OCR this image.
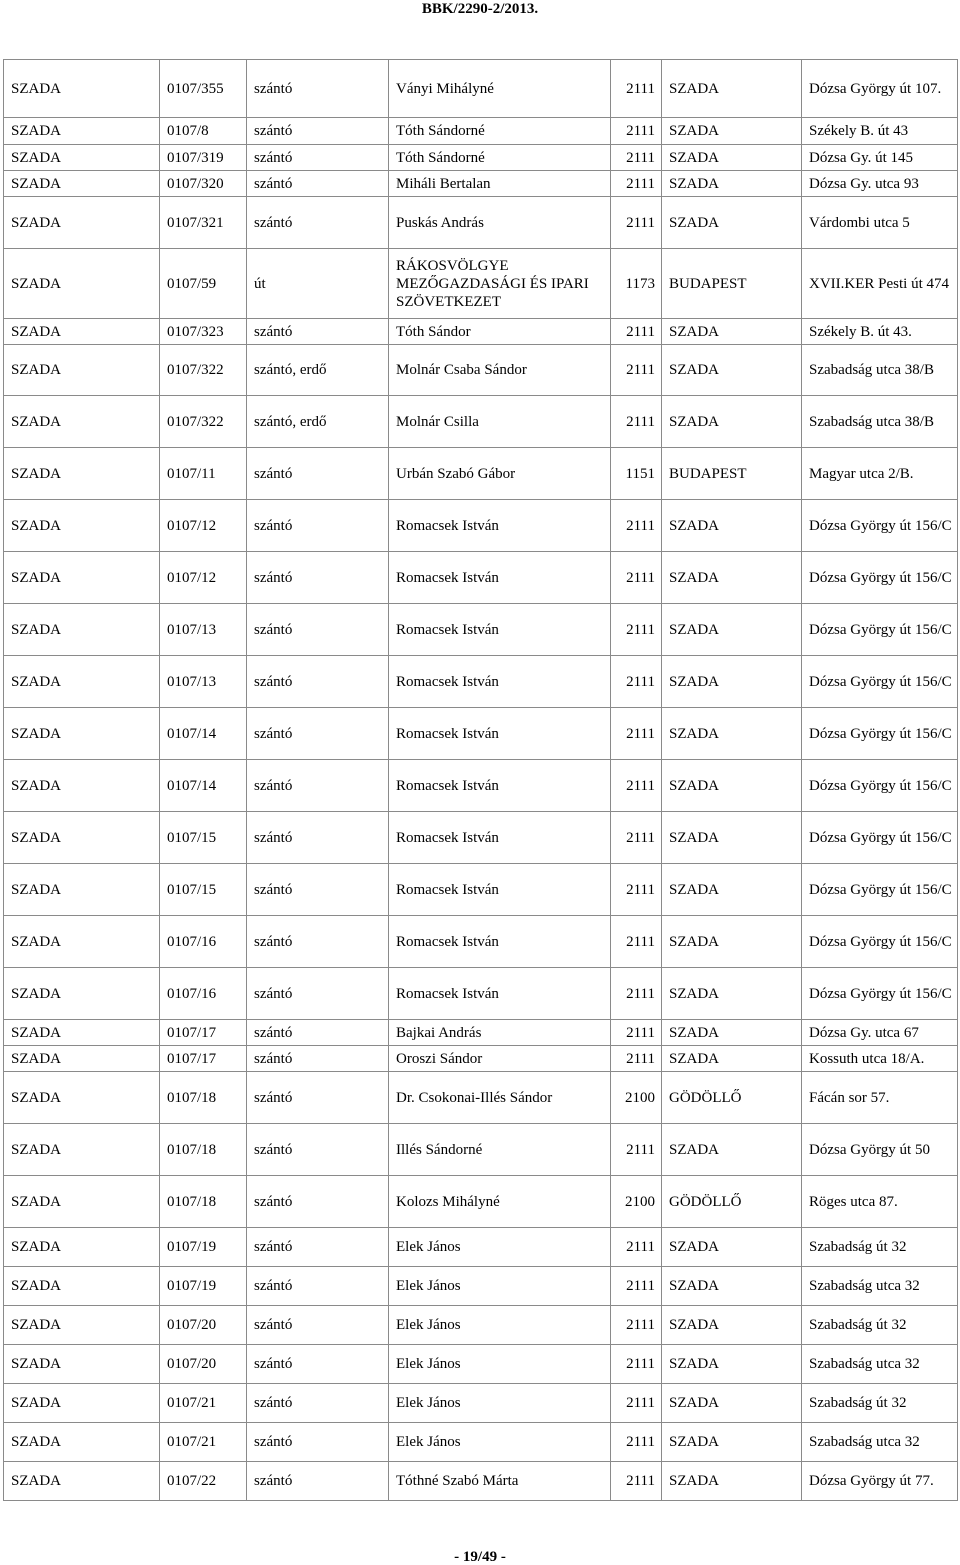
BBK/2290-2/2013.
SZADA	0107/355	szántó	Ványi Mihályné	2111	SZADA	Dózsa György út 107.
SZADA	0107/8	szántó	Tóth Sándorné	2111	SZADA	Székely B. út 43
SZADA	0107/319	szántó	Tóth Sándorné	2111	SZADA	Dózsa Gy. út 145
SZADA	0107/320	szántó	Miháli Bertalan	2111	SZADA	Dózsa Gy. utca 93
SZADA	0107/321	szántó	Puskás András	2111	SZADA	Várdombi utca 5
SZADA	0107/59	út	RÁKOSVÖLGYE MEZŐGAZDASÁGI ÉS IPARI SZÖVETKEZET	1173	BUDAPEST	XVII.KER Pesti út 474
SZADA	0107/323	szántó	Tóth Sándor	2111	SZADA	Székely B. út 43.
SZADA	0107/322	szántó, erdő	Molnár Csaba Sándor	2111	SZADA	Szabadság utca 38/B
SZADA	0107/322	szántó, erdő	Molnár Csilla	2111	SZADA	Szabadság utca 38/B
SZADA	0107/11	szántó	Urbán Szabó Gábor	1151	BUDAPEST	Magyar utca 2/B.
SZADA	0107/12	szántó	Romacsek István	2111	SZADA	Dózsa György út 156/C
SZADA	0107/12	szántó	Romacsek István	2111	SZADA	Dózsa György út 156/C
SZADA	0107/13	szántó	Romacsek István	2111	SZADA	Dózsa György út 156/C
SZADA	0107/13	szántó	Romacsek István	2111	SZADA	Dózsa György út 156/C
SZADA	0107/14	szántó	Romacsek István	2111	SZADA	Dózsa György út 156/C
SZADA	0107/14	szántó	Romacsek István	2111	SZADA	Dózsa György út 156/C
SZADA	0107/15	szántó	Romacsek István	2111	SZADA	Dózsa György út 156/C
SZADA	0107/15	szántó	Romacsek István	2111	SZADA	Dózsa György út 156/C
SZADA	0107/16	szántó	Romacsek István	2111	SZADA	Dózsa György út 156/C
SZADA	0107/16	szántó	Romacsek István	2111	SZADA	Dózsa György út 156/C
SZADA	0107/17	szántó	Bajkai András	2111	SZADA	Dózsa Gy. utca 67
SZADA	0107/17	szántó	Oroszi Sándor	2111	SZADA	Kossuth utca 18/A.
SZADA	0107/18	szántó	Dr. Csokonai-Illés Sándor	2100	GÖDÖLLŐ	Fácán sor 57.
SZADA	0107/18	szántó	Illés Sándorné	2111	SZADA	Dózsa György út 50
SZADA	0107/18	szántó	Kolozs Mihályné	2100	GÖDÖLLŐ	Röges utca 87.
SZADA	0107/19	szántó	Elek János	2111	SZADA	Szabadság út 32
SZADA	0107/19	szántó	Elek János	2111	SZADA	Szabadság utca 32
SZADA	0107/20	szántó	Elek János	2111	SZADA	Szabadság út 32
SZADA	0107/20	szántó	Elek János	2111	SZADA	Szabadság utca 32
SZADA	0107/21	szántó	Elek János	2111	SZADA	Szabadság út 32
SZADA	0107/21	szántó	Elek János	2111	SZADA	Szabadság utca 32
SZADA	0107/22	szántó	Tóthné Szabó Márta	2111	SZADA	Dózsa György út 77.
- 19/49 -
